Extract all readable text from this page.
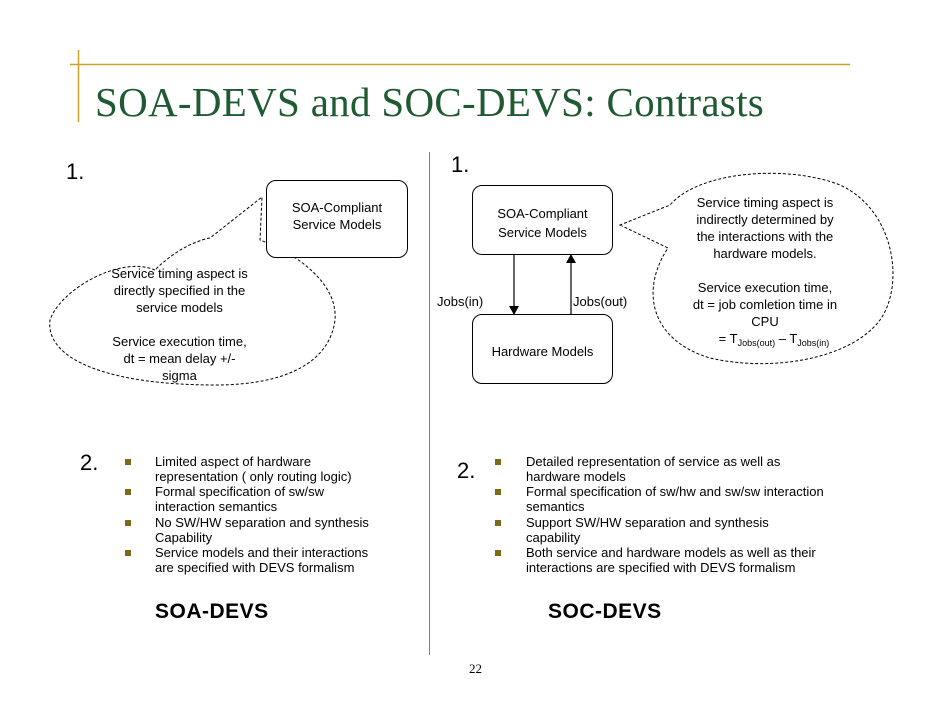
SOA-DEVS and SOC-DEVS: Contrasts
1.
SOA-Compliant
Service Models
Service timing aspect is
directly specified in the
service models
Service execution time,
dt = mean delay +/-
sigma
2.	Limited aspect of hardware
representation ( only routing logic)
Formal specification of sw/sw
interaction semantics
No SW/HW separation and synthesis
Capability
Service models and their interactions
are specified with DEVS formalism
SOA-DEVS
1.
SOA-Compliant
Service Models
Jobs(in)	Jobs(out)
Hardware Models
Service timing aspect is
indirectly determined by
the interactions with the
hardware models.
Service execution time,
dt = job comletion time in
CPU
= $T_{Jobs(out)} - T_{Jobs(in)}$
2.	Detailed representation of service as well as
hardware models
Formal specification of sw/hw and sw/sw interaction
semantics
Support SW/HW separation and synthesis
capability
Both service and hardware models as well as their
interactions are specified with DEVS formalism
SOC-DEVS
22
